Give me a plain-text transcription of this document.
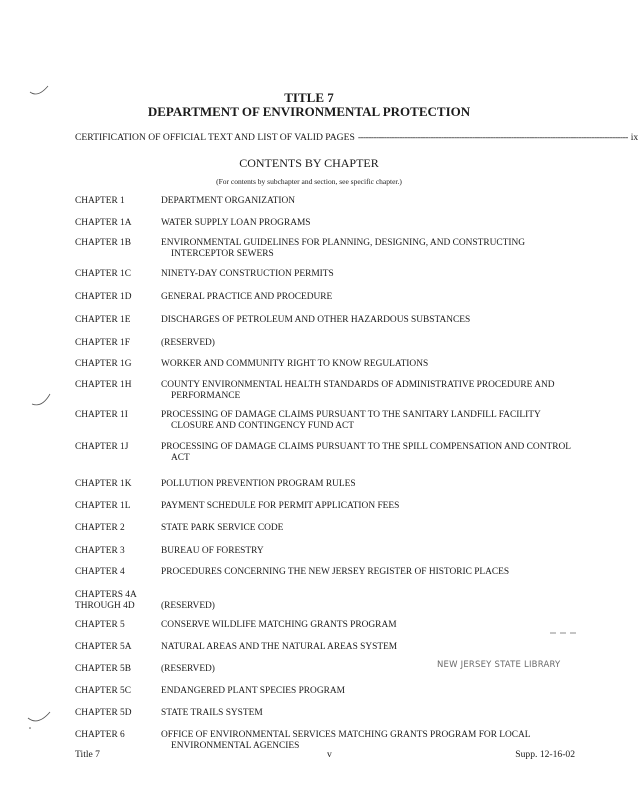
TITLE 7
DEPARTMENT OF ENVIRONMENTAL PROTECTION
CERTIFICATION OF OFFICIAL TEXT AND LIST OF VALID PAGES -------------------------------------------------------------------------------------------------------- ix
CONTENTS BY CHAPTER
(For contents by subchapter and section, see specific chapter.)
CHAPTER 1	DEPARTMENT ORGANIZATION
CHAPTER 1A	WATER SUPPLY LOAN PROGRAMS
CHAPTER 1B	ENVIRONMENTAL GUIDELINES FOR PLANNING, DESIGNING, AND CONSTRUCTING INTERCEPTOR SEWERS
CHAPTER 1C	NINETY-DAY CONSTRUCTION PERMITS
CHAPTER 1D	GENERAL PRACTICE AND PROCEDURE
CHAPTER 1E	DISCHARGES OF PETROLEUM AND OTHER HAZARDOUS SUBSTANCES
CHAPTER 1F	(RESERVED)
CHAPTER 1G	WORKER AND COMMUNITY RIGHT TO KNOW REGULATIONS
CHAPTER 1H	COUNTY ENVIRONMENTAL HEALTH STANDARDS OF ADMINISTRATIVE PROCEDURE AND PERFORMANCE
CHAPTER 1I	PROCESSING OF DAMAGE CLAIMS PURSUANT TO THE SANITARY LANDFILL FACILITY CLOSURE AND CONTINGENCY FUND ACT
CHAPTER 1J	PROCESSING OF DAMAGE CLAIMS PURSUANT TO THE SPILL COMPENSATION AND CONTROL ACT
CHAPTER 1K	POLLUTION PREVENTION PROGRAM RULES
CHAPTER 1L	PAYMENT SCHEDULE FOR PERMIT APPLICATION FEES
CHAPTER 2	STATE PARK SERVICE CODE
CHAPTER 3	BUREAU OF FORESTRY
CHAPTER 4	PROCEDURES CONCERNING THE NEW JERSEY REGISTER OF HISTORIC PLACES
CHAPTERS 4A THROUGH 4D	(RESERVED)
CHAPTER 5	CONSERVE WILDLIFE MATCHING GRANTS PROGRAM
CHAPTER 5A	NATURAL AREAS AND THE NATURAL AREAS SYSTEM
CHAPTER 5B	(RESERVED)
CHAPTER 5C	ENDANGERED PLANT SPECIES PROGRAM
CHAPTER 5D	STATE TRAILS SYSTEM
CHAPTER 6	OFFICE OF ENVIRONMENTAL SERVICES MATCHING GRANTS PROGRAM FOR LOCAL ENVIRONMENTAL AGENCIES
NEW JERSEY STATE LIBRARY
Title 7	v	Supp. 12-16-02
